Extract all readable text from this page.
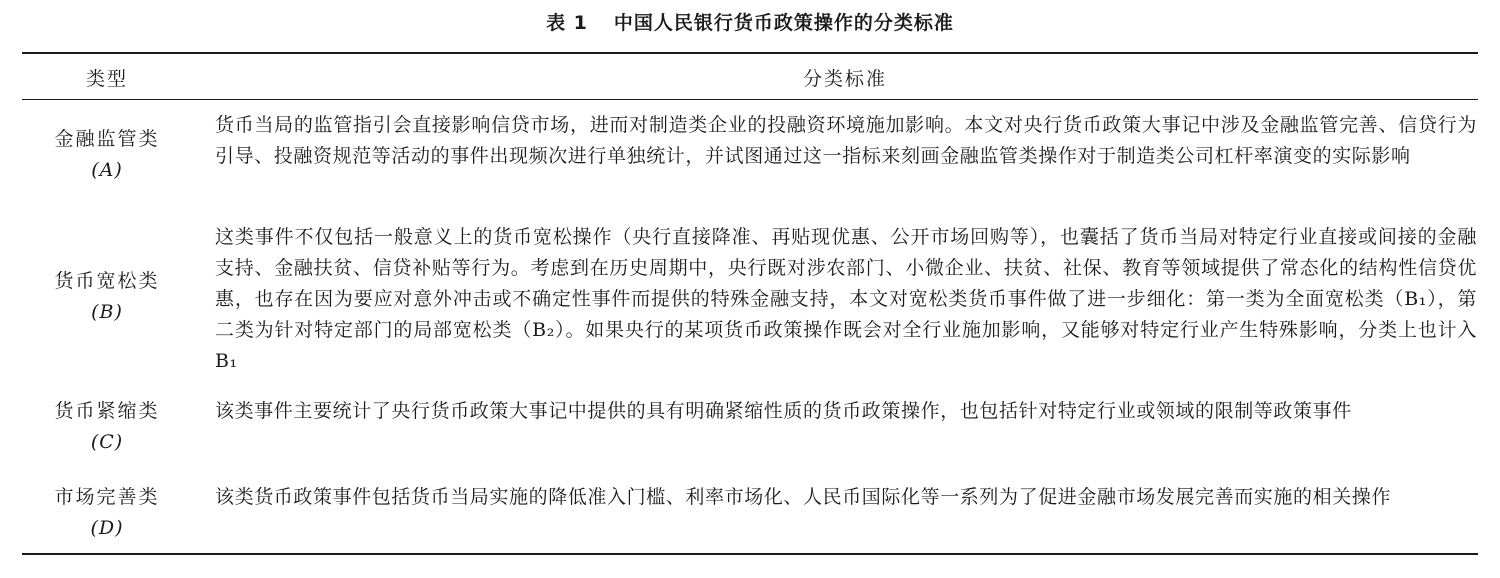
表 1 中国人民银行货币政策操作的分类标准
类型	分类标准
金融监管类
(A)

货币当局的监管指引会直接影响信贷市场，进而对制造类企业的投融资环境施加影响。本文对央行货币政策大事记中涉及金融监管完善、信贷行为引导、投融资规范等活动的事件出现频次进行单独统计，并试图通过这一指标来刻画金融监管类操作对于制造类公司杠杆率演变的实际影响

货币宽松类
(B)

这类事件不仅包括一般意义上的货币宽松操作（央行直接降准、再贴现优惠、公开市场回购等），也囊括了货币当局对特定行业直接或间接的金融支持、金融扶贫、信贷补贴等行为。考虑到在历史周期中，央行既对涉农部门、小微企业、扶贫、社保、教育等领域提供了常态化的结构性信贷优惠，也存在因为要应对意外冲击或不确定性事件而提供的特殊金融支持，本文对宽松类货币事件做了进一步细化：第一类为全面宽松类（B₁），第二类为针对特定部门的局部宽松类（B₂）。如果央行的某项货币政策操作既会对全行业施加影响，又能够对特定行业产生特殊影响，分类上也计入 B₁

货币紧缩类
(C)

该类事件主要统计了央行货币政策大事记中提供的具有明确紧缩性质的货币政策操作，也包括针对特定行业或领域的限制等政策事件

市场完善类
(D)

该类货币政策事件包括货币当局实施的降低准入门槛、利率市场化、人民币国际化等一系列为了促进金融市场发展完善而实施的相关操作
